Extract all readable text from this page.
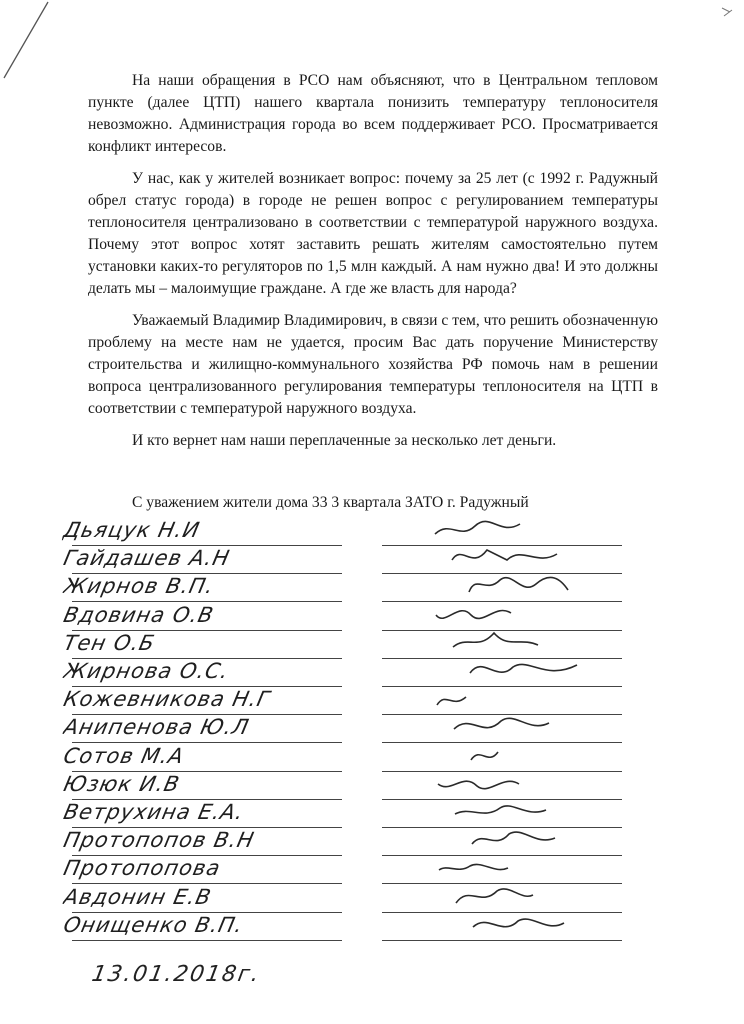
На наши обращения в РСО нам объясняют, что в Центральном тепловом пункте (далее ЦТП) нашего квартала понизить температуру теплоносителя невозможно. Администрация города во всем поддерживает РСО. Просматривается конфликт интересов.

У нас, как у жителей возникает вопрос: почему за 25 лет (с 1992 г. Радужный обрел статус города) в городе не решен вопрос с регулированием температуры теплоносителя централизовано в соответствии с температурой наружного воздуха. Почему этот вопрос хотят заставить решать жителям самостоятельно путем установки каких-то регуляторов по 1,5 млн каждый. А нам нужно два! И это должны делать мы – малоимущие граждане. А где же власть для народа?

Уважаемый Владимир Владимирович, в связи с тем, что решить обозначенную проблему на месте нам не удается, просим Вас дать поручение Министерству строительства и жилищно-коммунального хозяйства РФ помочь нам в решении вопроса централизованного регулирования температуры теплоносителя на ЦТП в соответствии с температурой наружного воздуха.

И кто вернет нам наши переплаченные за несколько лет деньги.

С уважением жители дома 33 3 квартала ЗАТО г. Радужный
Дьяцук Н.И
Гайдашев А.Н
Жирнов В.П.
Вдовина О.В
Тен О.Б
Жирнова О.С.
Кожевникова Н.Г
Анипенова Ю.Л
Сотов М.А
Юзюк И.В
Ветрухина Е.А.
Протопопов В.Н
Протопопова
Авдонин Е.В
Онищенко В.П.
13.01.2018г.
